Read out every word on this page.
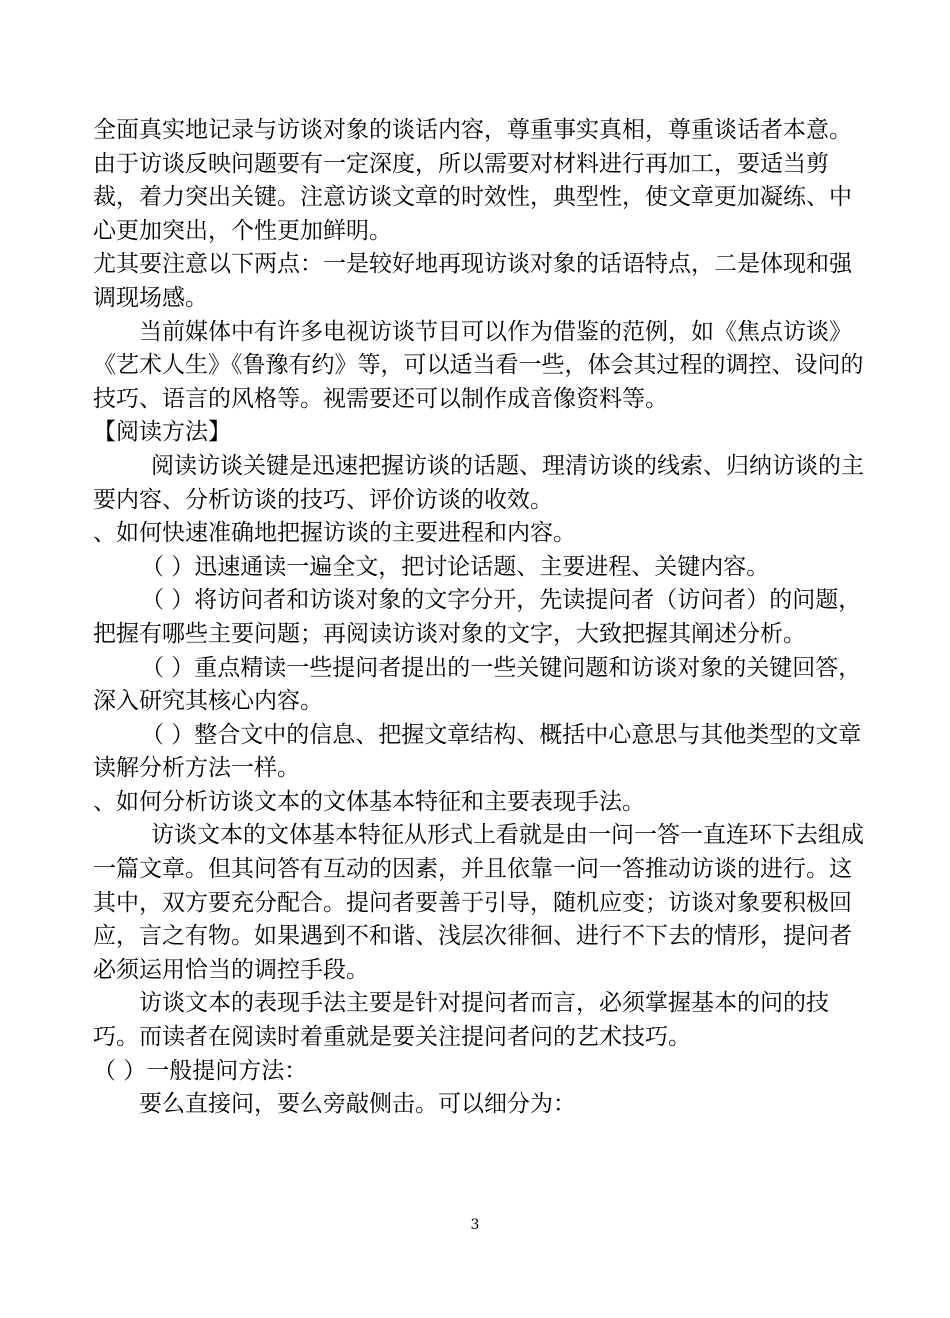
全面真实地记录与访谈对象的谈话内容，尊重事实真相，尊重谈话者本意。由于访谈反映问题要有一定深度，所以需要对材料进行再加工，要适当剪裁，着力突出关键。注意访谈文章的时效性，典型性，使文章更加凝练、中心更加突出，个性更加鲜明。

尤其要注意以下两点：一是较好地再现访谈对象的话语特点，二是体现和强调现场感。

当前媒体中有许多电视访谈节目可以作为借鉴的范例，如《焦点访谈》《艺术人生》《鲁豫有约》等，可以适当看一些，体会其过程的调控、设问的技巧、语言的风格等。视需要还可以制作成音像资料等。

【阅读方法】

阅读访谈关键是迅速把握访谈的话题、理清访谈的线索、归纳访谈的主要内容、分析访谈的技巧、评价访谈的收效。

、如何快速准确地把握访谈的主要进程和内容。

（ ）迅速通读一遍全文，把讨论话题、主要进程、关键内容。

（ ）将访问者和访谈对象的文字分开，先读提问者（访问者）的问题，把握有哪些主要问题；再阅读访谈对象的文字，大致把握其阐述分析。

（ ）重点精读一些提问者提出的一些关键问题和访谈对象的关键回答，深入研究其核心内容。

（ ）整合文中的信息、把握文章结构、概括中心意思与其他类型的文章读解分析方法一样。

、如何分析访谈文本的文体基本特征和主要表现手法。

访谈文本的文体基本特征从形式上看就是由一问一答一直连环下去组成一篇文章。但其问答有互动的因素，并且依靠一问一答推动访谈的进行。这其中，双方要充分配合。提问者要善于引导，随机应变；访谈对象要积极回应，言之有物。如果遇到不和谐、浅层次徘徊、进行不下去的情形，提问者必须运用恰当的调控手段。

访谈文本的表现手法主要是针对提问者而言，必须掌握基本的问的技巧。而读者在阅读时着重就是要关注提问者问的艺术技巧。

（ ）一般提问方法：

要么直接问，要么旁敲侧击。可以细分为：

3
